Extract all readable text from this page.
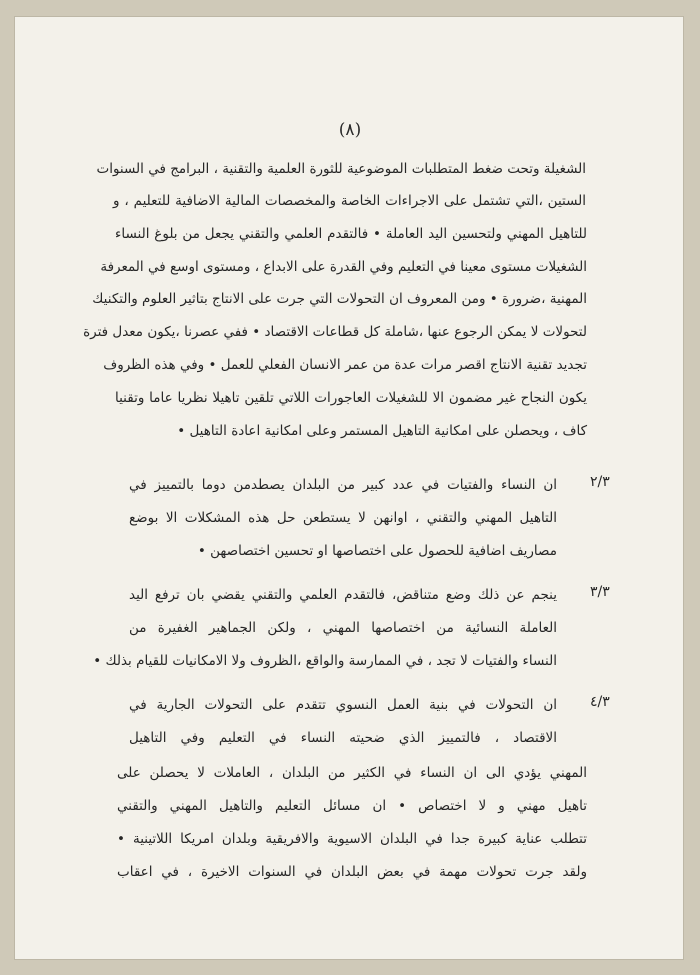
(٨)
الشغيلة وتحت ضغط المتطلبات الموضوعية للثورة العلمية والتقنية ، البرامج في السنوات
الستين ،التي تشتمل على الاجراءات الخاصة والمخصصات المالية الاضافية للتعليم ، و
للتاهيل المهني ولتحسين اليد العاملة • فالتقدم العلمي والتقني يجعل من بلوغ النساء
الشغيلات مستوى معينا في التعليم وفي القدرة على الابداع ، ومستوى اوسع في المعرفة
المهنية ،ضرورة • ومن المعروف ان التحولات التي جرت على الانتاج بتاثير العلوم والتكنيك
لتحولات لا يمكن الرجوع عنها ،شاملة كل قطاعات الاقتصاد • ففي عصرنا ،يكون معدل فترة
تجديد تقنية الانتاج اقصر مرات عدة من عمر الانسان الفعلي للعمل • وفي هذه الظروف
يكون النجاح غير مضمون الا للشغيلات العاجورات اللاتي تلقين تاهيلا نظريا عاما وتقنيا
كاف ، ويحصلن على امكانية التاهيل المستمر وعلى امكانية اعادة التاهيل •
٢/٣
ان النساء والفتيات في عدد كبير من البلدان يصطدمن دوما بالتمييز في
التاهيل المهني والتقني ، اوانهن لا يستطعن حل هذه المشكلات الا بوضع
مصاريف اضافية للحصول على اختصاصها او تحسين اختصاصهن •
٣/٣
ينجم عن ذلك وضع متناقض، فالتقدم العلمي والتقني يقضي بان ترفع اليد
العاملة النسائية من اختصاصها المهني ، ولكن الجماهير الغفيرة من
النساء والفتيات لا تجد ، في الممارسة والواقع ،الظروف ولا الامكانيات للقيام بذلك •
٤/٣
ان التحولات في بنية العمل النسوي تتقدم على التحولات الجارية في
الاقتصاد ، فالتمييز الذي ضحيته النساء في التعليم وفي التاهيل
المهني يؤدي الى ان النساء في الكثير من البلدان ، العاملات لا يحصلن على
تاهيل مهني و لا اختصاص • ان مسائل التعليم والتاهيل المهني والتقني
تتطلب عناية كبيرة جدا في البلدان الاسيوية والافريقية وبلدان امريكا اللاتينية •
ولقد جرت تحولات مهمة في بعض البلدان في السنوات الاخيرة ، في اعقاب
